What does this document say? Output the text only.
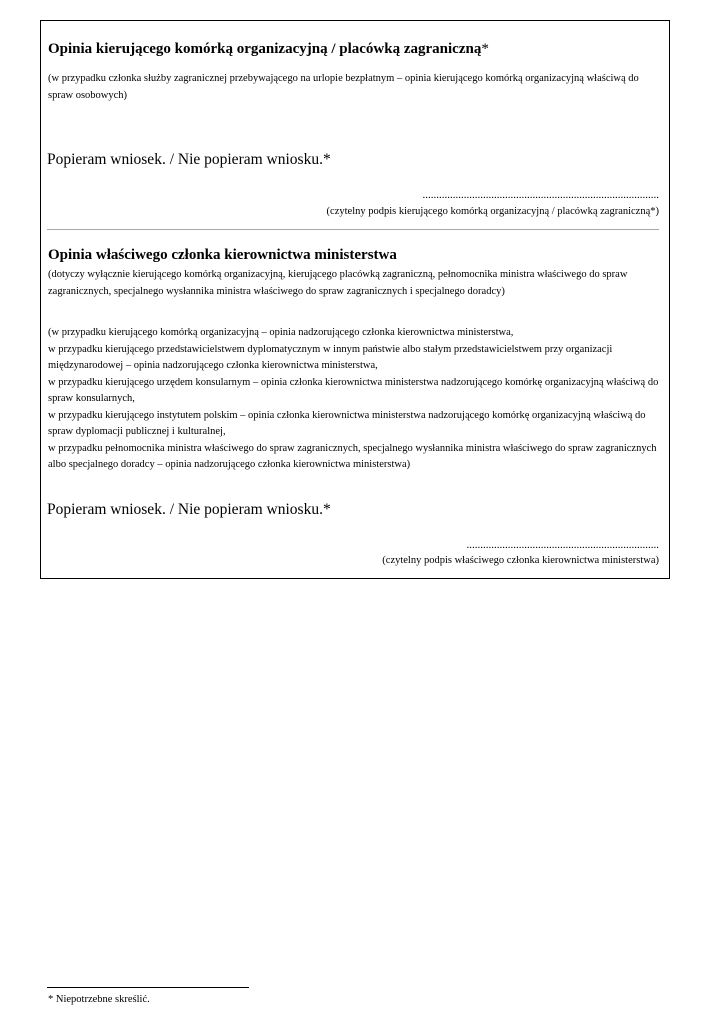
Opinia kierującego komórką organizacyjną / placówką zagraniczną*
(w przypadku członka służby zagranicznej przebywającego na urlopie bezpłatnym – opinia kierującego komórką organizacyjną właściwą do spraw osobowych)
Popieram wniosek. / Nie popieram wniosku.*
......................................................................................
(czytelny podpis kierującego komórką organizacyjną / placówką zagraniczną*)
Opinia właściwego członka kierownictwa ministerstwa
(dotyczy wyłącznie kierującego komórką organizacyjną, kierującego placówką zagraniczną, pełnomocnika ministra właściwego do spraw zagranicznych, specjalnego wysłannika ministra właściwego do spraw zagranicznych i specjalnego doradcy)

(w przypadku kierującego komórką organizacyjną – opinia nadzorującego członka kierownictwa ministerstwa,

w przypadku kierującego przedstawicielstwem dyplomatycznym w innym państwie albo stałym przedstawicielstwem przy organizacji międzynarodowej – opinia nadzorującego członka kierownictwa ministerstwa,

w przypadku kierującego urzędem konsularnym – opinia członka kierownictwa ministerstwa nadzorującego komórkę organizacyjną właściwą do spraw konsularnych,

w przypadku kierującego instytutem polskim – opinia członka kierownictwa ministerstwa nadzorującego komórkę organizacyjną właściwą do spraw dyplomacji publicznej i kulturalnej,

w przypadku pełnomocnika ministra właściwego do spraw zagranicznych, specjalnego wysłannika ministra właściwego do spraw zagranicznych albo specjalnego doradcy – opinia nadzorującego członka kierownictwa ministerstwa)

Popieram wniosek. / Nie popieram wniosku.*
......................................................................
(czytelny podpis właściwego członka kierownictwa ministerstwa)
* Niepotrzebne skreślić.
